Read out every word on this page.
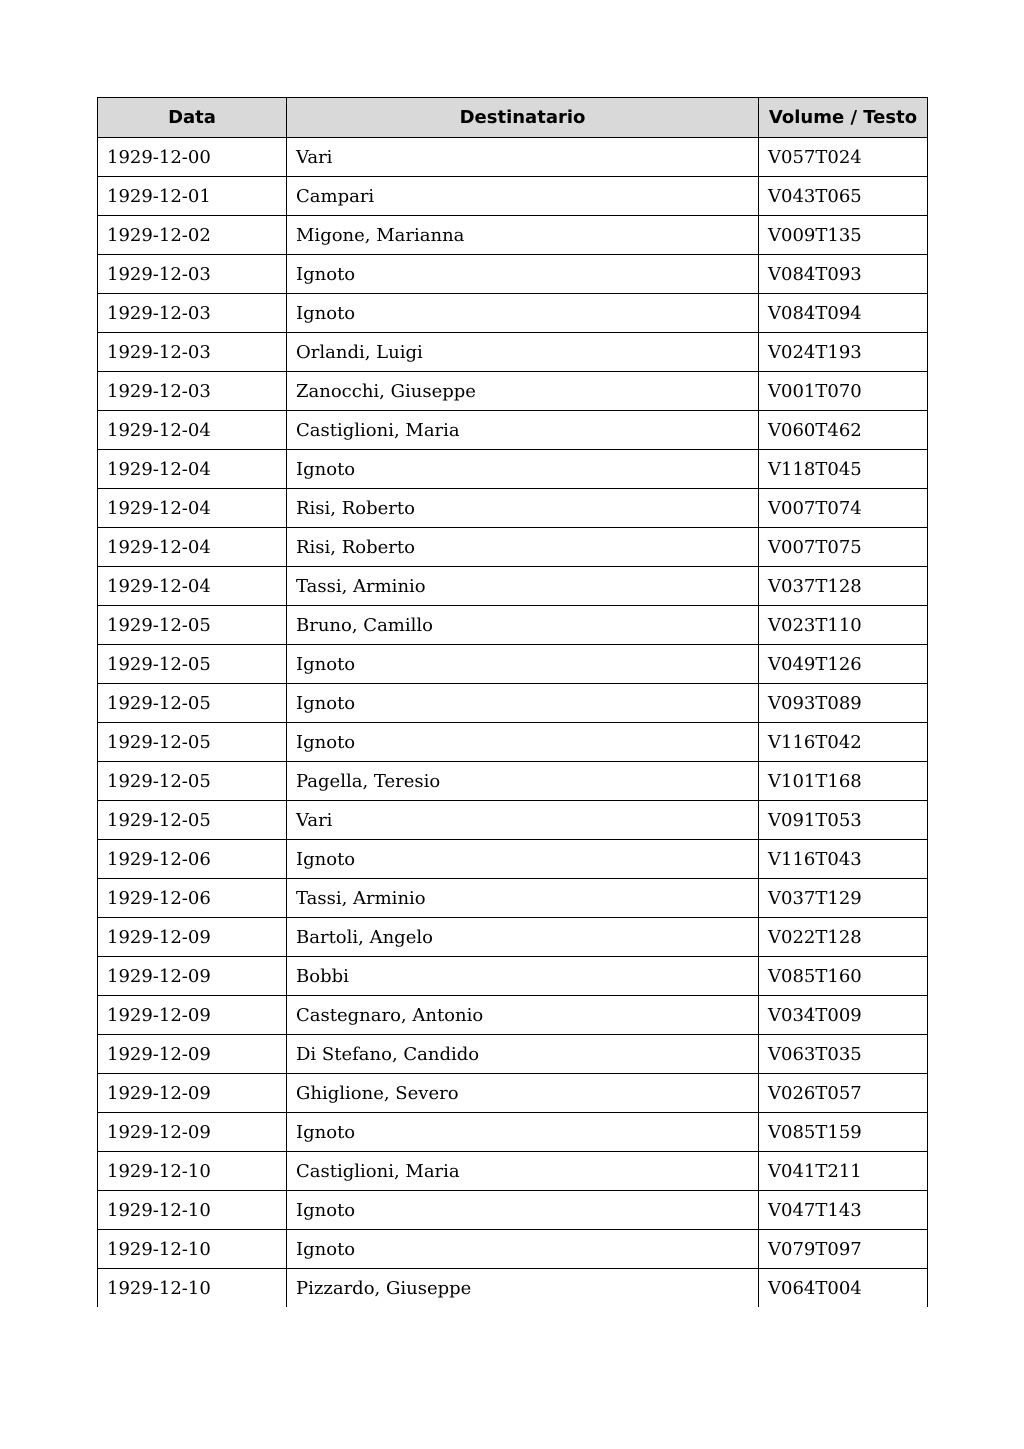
Data	Destinatario	Volume / Testo
1929-12-00	Vari	V057T024
1929-12-01	Campari	V043T065
1929-12-02	Migone, Marianna	V009T135
1929-12-03	Ignoto	V084T093
1929-12-03	Ignoto	V084T094
1929-12-03	Orlandi, Luigi	V024T193
1929-12-03	Zanocchi, Giuseppe	V001T070
1929-12-04	Castiglioni, Maria	V060T462
1929-12-04	Ignoto	V118T045
1929-12-04	Risi, Roberto	V007T074
1929-12-04	Risi, Roberto	V007T075
1929-12-04	Tassi, Arminio	V037T128
1929-12-05	Bruno, Camillo	V023T110
1929-12-05	Ignoto	V049T126
1929-12-05	Ignoto	V093T089
1929-12-05	Ignoto	V116T042
1929-12-05	Pagella, Teresio	V101T168
1929-12-05	Vari	V091T053
1929-12-06	Ignoto	V116T043
1929-12-06	Tassi, Arminio	V037T129
1929-12-09	Bartoli, Angelo	V022T128
1929-12-09	Bobbi	V085T160
1929-12-09	Castegnaro, Antonio	V034T009
1929-12-09	Di Stefano, Candido	V063T035
1929-12-09	Ghiglione, Severo	V026T057
1929-12-09	Ignoto	V085T159
1929-12-10	Castiglioni, Maria	V041T211
1929-12-10	Ignoto	V047T143
1929-12-10	Ignoto	V079T097
1929-12-10	Pizzardo, Giuseppe	V064T004
